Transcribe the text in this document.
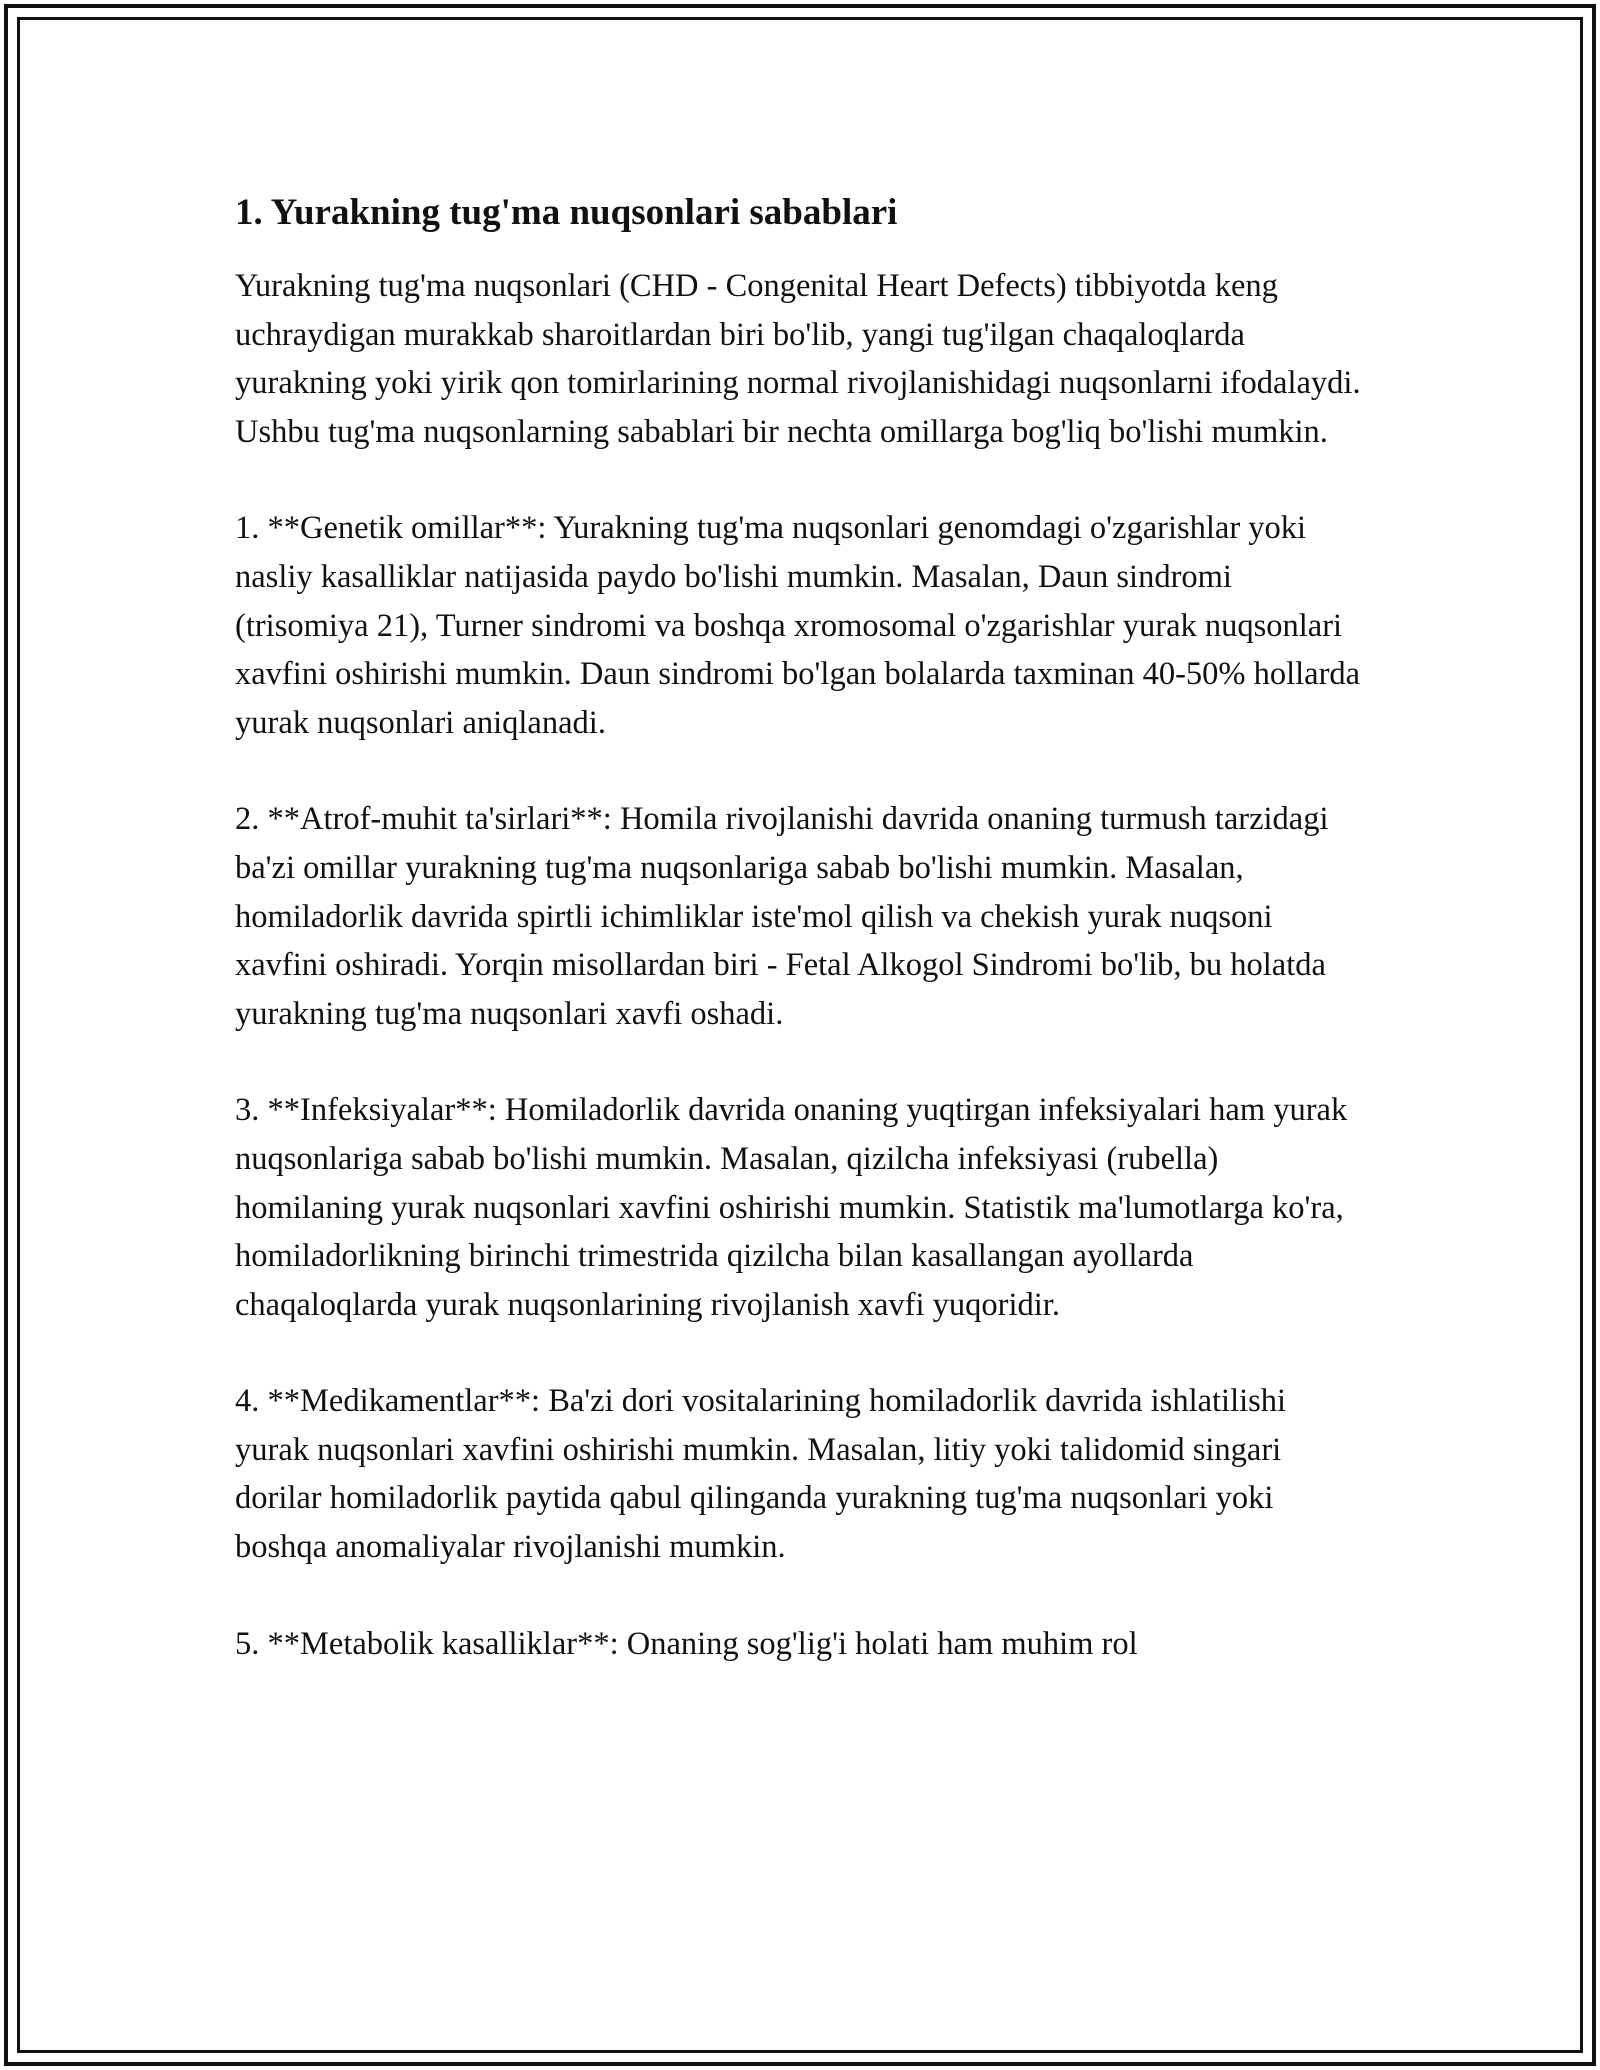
1. Yurakning tug'ma nuqsonlari sabablari

Yurakning tug'ma nuqsonlari (CHD - Congenital Heart Defects) tibbiyotda keng uchraydigan murakkab sharoitlardan biri bo'lib, yangi tug'ilgan chaqaloqlarda yurakning yoki yirik qon tomirlarining normal rivojlanishidagi nuqsonlarni ifodalaydi. Ushbu tug'ma nuqsonlarning sabablari bir nechta omillarga bog'liq bo'lishi mumkin.

1. **Genetik omillar**: Yurakning tug'ma nuqsonlari genomdagi o'zgarishlar yoki nasliy kasalliklar natijasida paydo bo'lishi mumkin. Masalan, Daun sindromi (trisomiya 21), Turner sindromi va boshqa xromosomal o'zgarishlar yurak nuqsonlari xavfini oshirishi mumkin. Daun sindromi bo'lgan bolalarda taxminan 40-50% hollarda yurak nuqsonlari aniqlanadi.

2. **Atrof-muhit ta'sirlari**: Homila rivojlanishi davrida onaning turmush tarzidagi ba'zi omillar yurakning tug'ma nuqsonlariga sabab bo'lishi mumkin. Masalan, homiladorlik davrida spirtli ichimliklar iste'mol qilish va chekish yurak nuqsoni xavfini oshiradi. Yorqin misollardan biri - Fetal Alkogol Sindromi bo'lib, bu holatda yurakning tug'ma nuqsonlari xavfi oshadi.

3. **Infeksiyalar**: Homiladorlik davrida onaning yuqtirgan infeksiyalari ham yurak nuqsonlariga sabab bo'lishi mumkin. Masalan, qizilcha infeksiyasi (rubella) homilaning yurak nuqsonlari xavfini oshirishi mumkin. Statistik ma'lumotlarga ko'ra, homiladorlikning birinchi trimestrida qizilcha bilan kasallangan ayollarda chaqaloqlarda yurak nuqsonlarining rivojlanish xavfi yuqoridir.

4. **Medikamentlar**: Ba'zi dori vositalarining homiladorlik davrida ishlatilishi yurak nuqsonlari xavfini oshirishi mumkin. Masalan, litiy yoki talidomid singari dorilar homiladorlik paytida qabul qilinganda yurakning tug'ma nuqsonlari yoki boshqa anomaliyalar rivojlanishi mumkin.

5. **Metabolik kasalliklar**: Onaning sog'lig'i holati ham muhim rol
